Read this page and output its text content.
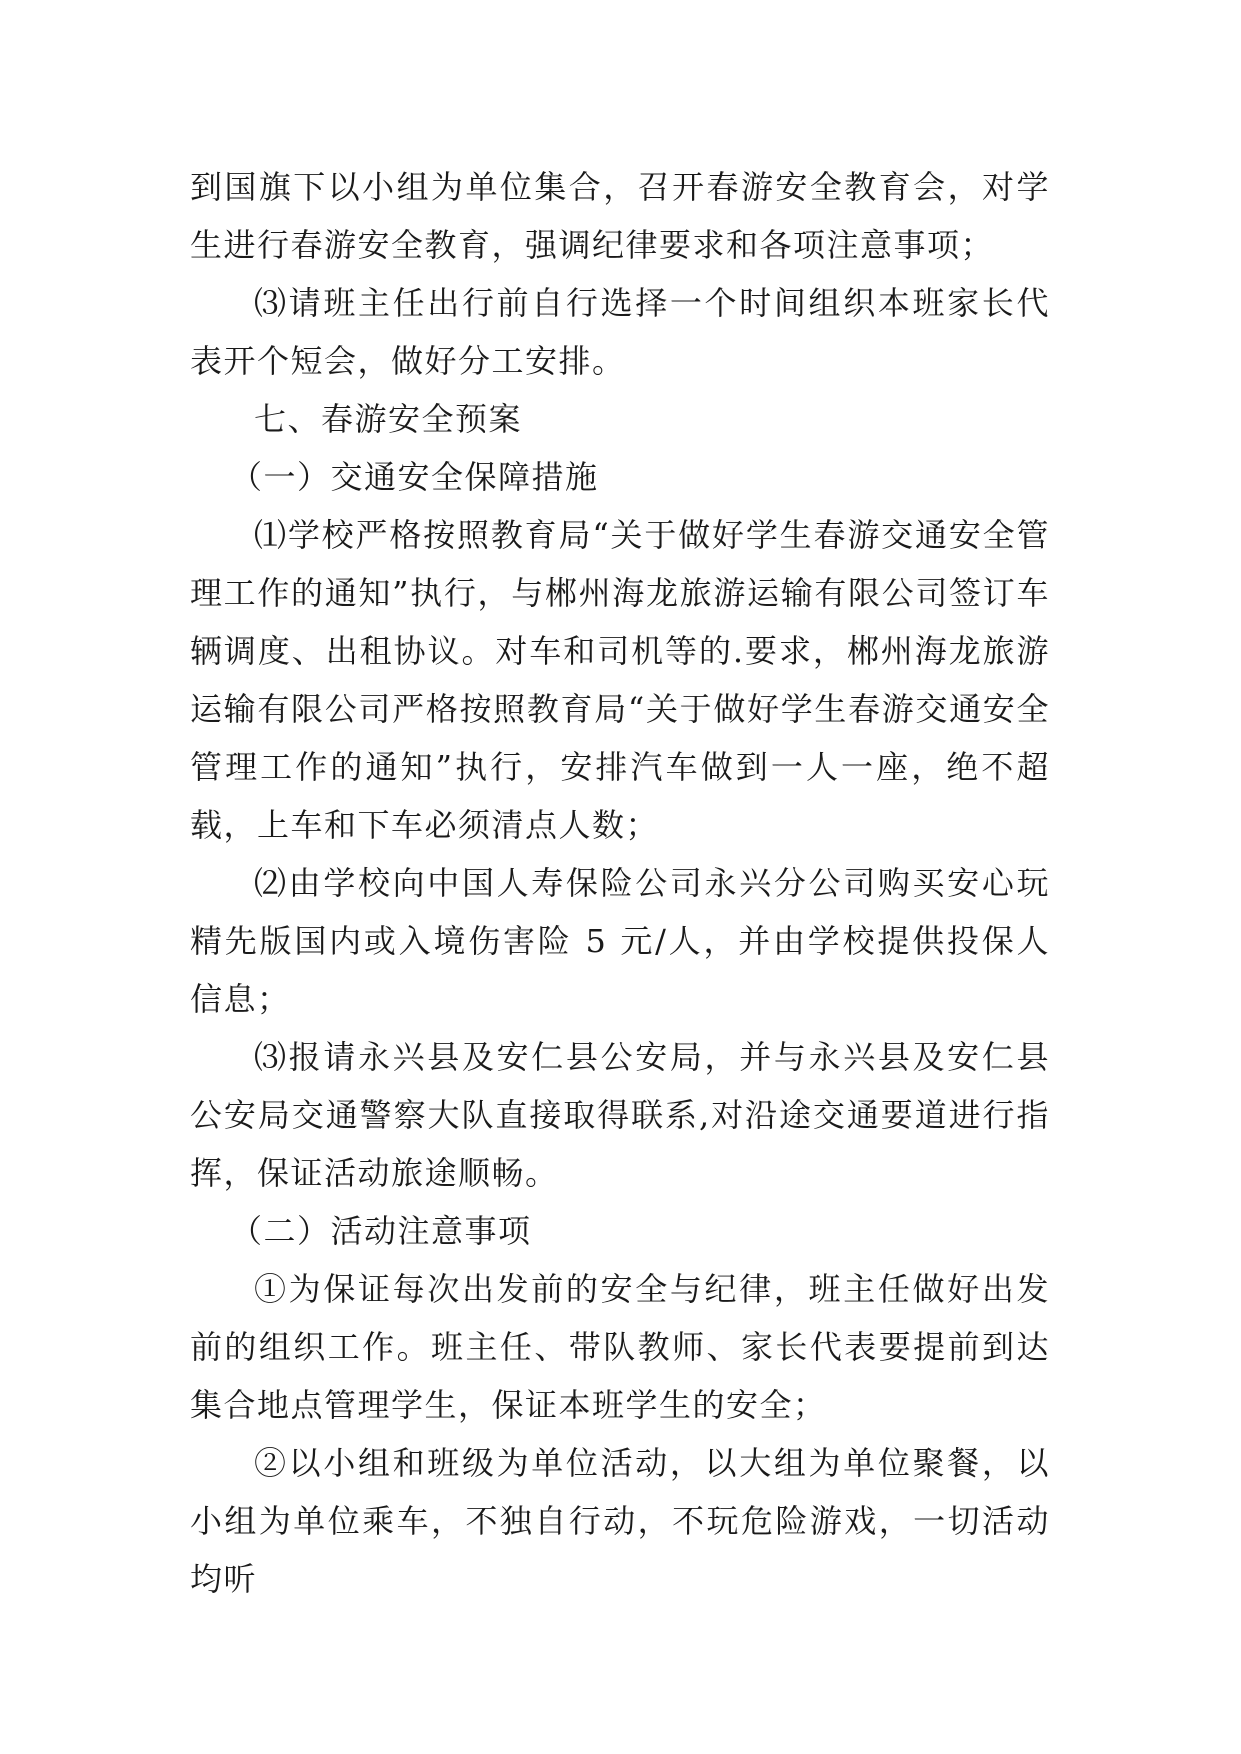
到国旗下以小组为单位集合，召开春游安全教育会，对学生进行春游安全教育，强调纪律要求和各项注意事项；

⑶请班主任出行前自行选择一个时间组织本班家长代表开个短会，做好分工安排。

七、春游安全预案

（一）交通安全保障措施

⑴学校严格按照教育局“关于做好学生春游交通安全管理工作的通知”执行，与郴州海龙旅游运输有限公司签订车辆调度、出租协议。对车和司机等的.要求，郴州海龙旅游运输有限公司严格按照教育局“关于做好学生春游交通安全管理工作的通知”执行，安排汽车做到一人一座，绝不超载，上车和下车必须清点人数；

⑵由学校向中国人寿保险公司永兴分公司购买安心玩精先版国内或入境伤害险 5 元/人，并由学校提供投保人信息；

⑶报请永兴县及安仁县公安局，并与永兴县及安仁县公安局交通警察大队直接取得联系,对沿途交通要道进行指挥，保证活动旅途顺畅。

（二）活动注意事项

①为保证每次出发前的安全与纪律，班主任做好出发前的组织工作。班主任、带队教师、家长代表要提前到达集合地点管理学生，保证本班学生的安全；

②以小组和班级为单位活动，以大组为单位聚餐，以小组为单位乘车，不独自行动，不玩危险游戏，一切活动均听
